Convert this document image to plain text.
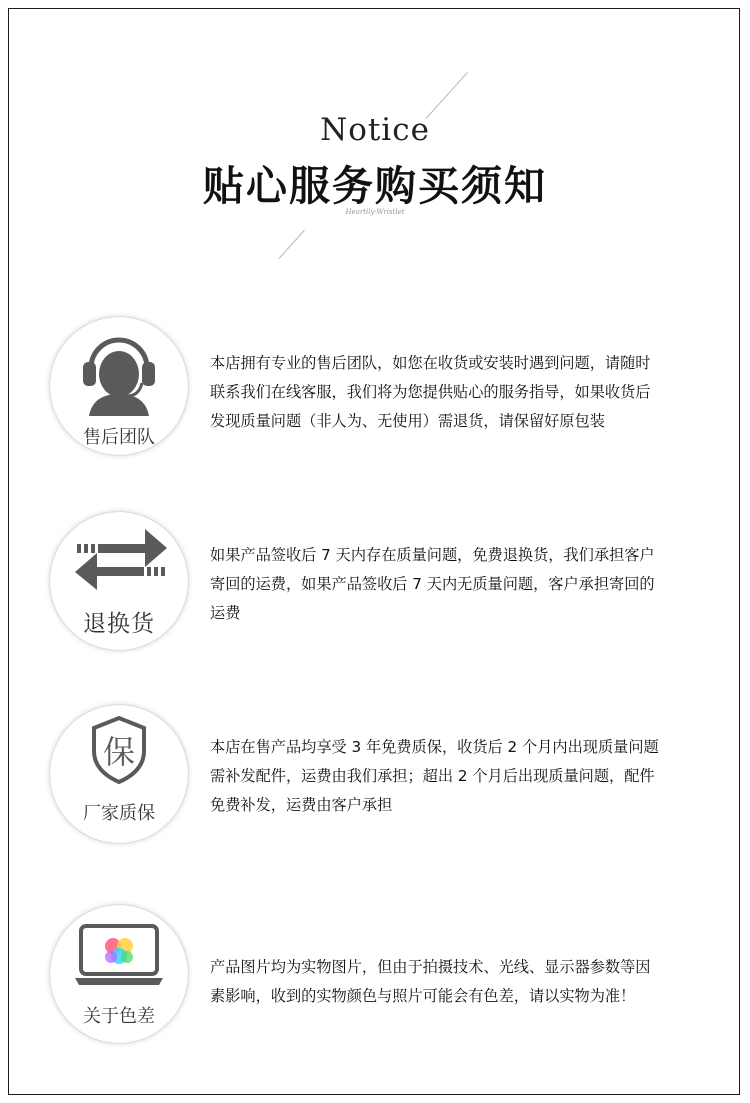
Notice
贴心服务购买须知
Heartily-Wristlet
售后团队
本店拥有专业的售后团队，如您在收货或安装时遇到问题，请随时
联系我们在线客服，我们将为您提供贴心的服务指导，如果收货后
发现质量问题（非人为、无使用）需退货，请保留好原包装
退换货
如果产品签收后 7 天内存在质量问题，免费退换货，我们承担客户
寄回的运费，如果产品签收后 7 天内无质量问题，客户承担寄回的
运费
保
厂家质保
本店在售产品均享受 3 年免费质保，收货后 2 个月内出现质量问题
需补发配件，运费由我们承担；超出 2 个月后出现质量问题，配件
免费补发，运费由客户承担
关于色差
产品图片均为实物图片，但由于拍摄技术、光线、显示器参数等因
素影响，收到的实物颜色与照片可能会有色差，请以实物为准！
